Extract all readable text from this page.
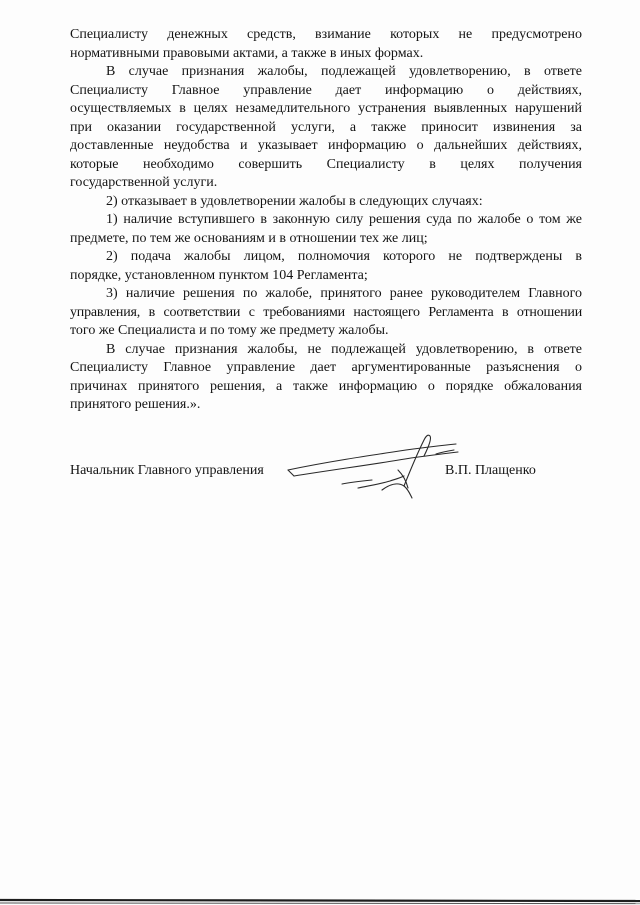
Специалисту денежных средств, взимание которых не предусмотрено
нормативными правовыми актами, а также в иных формах.

В случае признания жалобы, подлежащей удовлетворению, в ответе
Специалисту Главное управление дает информацию о действиях,
осуществляемых в целях незамедлительного устранения выявленных нарушений
при оказании государственной услуги, а также приносит извинения за
доставленные неудобства и указывает информацию о дальнейших действиях,
которые необходимо совершить Специалисту в целях получения
государственной услуги.

2) отказывает в удовлетворении жалобы в следующих случаях:

1) наличие вступившего в законную силу решения суда по жалобе о том же
предмете, по тем же основаниям и в отношении тех же лиц;

2) подача жалобы лицом, полномочия которого не подтверждены в
порядке, установленном пунктом 104 Регламента;

3) наличие решения по жалобе, принятого ранее руководителем Главного
управления, в соответствии с требованиями настоящего Регламента в отношении
того же Специалиста и по тому же предмету жалобы.

В случае признания жалобы, не подлежащей удовлетворению, в ответе
Специалисту Главное управление дает аргументированные разъяснения о
причинах принятого решения, а также информацию о порядке обжалования
принятого решения.».

Начальник Главного управления	В.П. Плащенко
